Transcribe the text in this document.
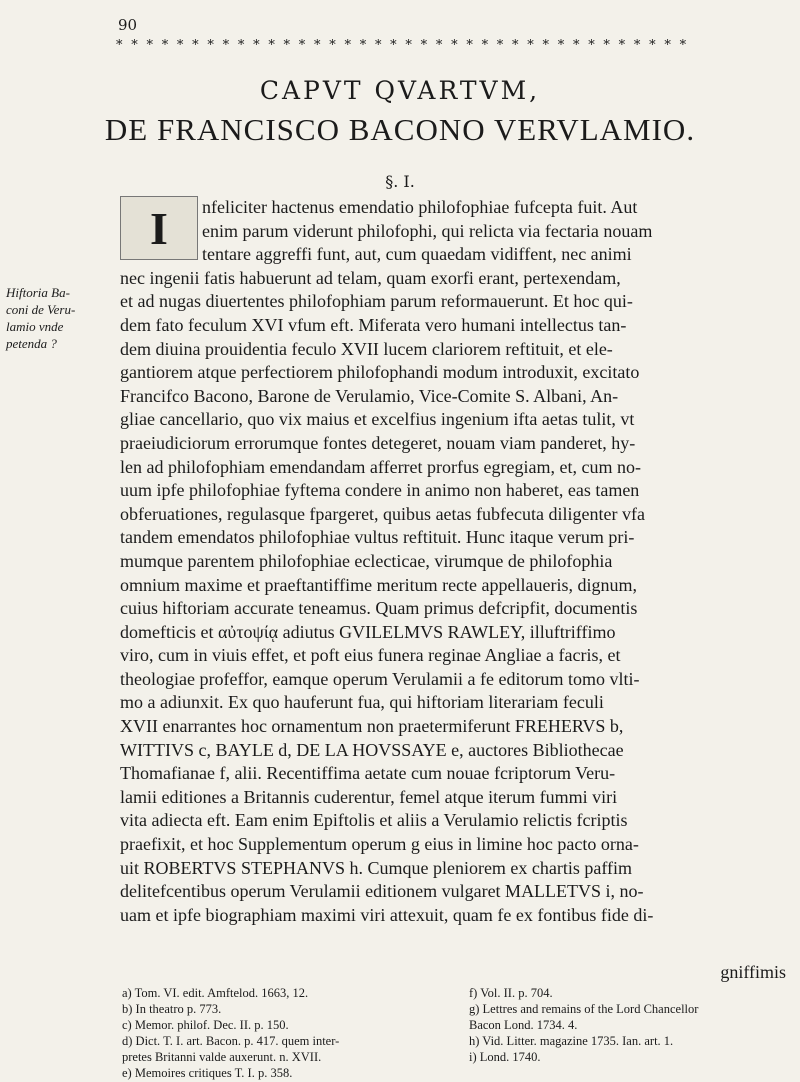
90
* * * * * * * * * * * * * * * * * * * * * * * * * * * * * * * * * * * * * *
CAPVT QVARTVM,
DE FRANCISCO BACONO VERVLAMIO.
§. I.
Hiftoria Ba-
coni de Veru-
lamio vnde
petenda ?
I	nfeliciter hactenus emendatio philofophiae fufcepta fuit. Aut
enim parum viderunt philofophi, qui relicta via fectaria nouam
tentare aggreffi funt, aut, cum quaedam vidiffent, nec animi
nec ingenii fatis habuerunt ad telam, quam exorfi erant, pertexendam,
et ad nugas diuertentes philofophiam parum reformauerunt. Et hoc qui-
dem fato feculum XVI vfum eft. Miferata vero humani intellectus tan-
dem diuina prouidentia feculo XVII lucem clariorem reftituit, et ele-
gantiorem atque perfectiorem philofophandi modum introduxit, excitato
Francifco Bacono, Barone de Verulamio, Vice-Comite S. Albani, An-
gliae cancellario, quo vix maius et excelfius ingenium ifta aetas tulit, vt
praeiudiciorum errorumque fontes detegeret, nouam viam panderet, hy-
len ad philofophiam emendandam afferret prorfus egregiam, et, cum no-
uum ipfe philofophiae fyftema condere in animo non haberet, eas tamen
obferuationes, regulasque fpargeret, quibus aetas fubfecuta diligenter vfa
tandem emendatos philofophiae vultus reftituit. Hunc itaque verum pri-
mumque parentem philofophiae eclecticae, virumque de philofophia
omnium maxime et praeftantiffime meritum recte appellaueris, dignum,
cuius hiftoriam accurate teneamus. Quam primus defcripfit, documentis
domefticis et αὐτοψίᾳ adiutus GVILELMVS RAWLEY, illuftriffimo
viro, cum in viuis effet, et poft eius funera reginae Angliae a facris, et
theologiae profeffor, eamque operum Verulamii a fe editorum tomo vlti-
mo a adiunxit. Ex quo hauferunt fua, qui hiftoriam literariam feculi
XVII enarrantes hoc ornamentum non praetermiferunt FREHERVS b,
WITTIVS c, BAYLE d, DE LA HOVSSAYE e, auctores Bibliothecae
Thomafianae f, alii. Recentiffima aetate cum nouae fcriptorum Veru-
lamii editiones a Britannis cuderentur, femel atque iterum fummi viri
vita adiecta eft. Eam enim Epiftolis et aliis a Verulamio relictis fcriptis
praefixit, et hoc Supplementum operum g eius in limine hoc pacto orna-
uit ROBERTVS STEPHANVS h. Cumque pleniorem ex chartis paffim
delitefcentibus operum Verulamii editionem vulgaret MALLETVS i, no-
uam et ipfe biographiam maximi viri attexuit, quam fe ex fontibus fide di-
gniffimis
a) Tom. VI. edit. Amftelod. 1663, 12.
b) In theatro p. 773.
c) Memor. philof. Dec. II. p. 150.
d) Dict. T. I. art. Bacon. p. 417. quem inter-
pretes Britanni valde auxerunt. n. XVII.
e) Memoires critiques T. I. p. 358.
f) Vol. II. p. 704.
g) Lettres and remains of the Lord Chancellor
Bacon Lond. 1734. 4.
h) Vid. Litter. magazine 1735. Ian. art. 1.
i) Lond. 1740.
